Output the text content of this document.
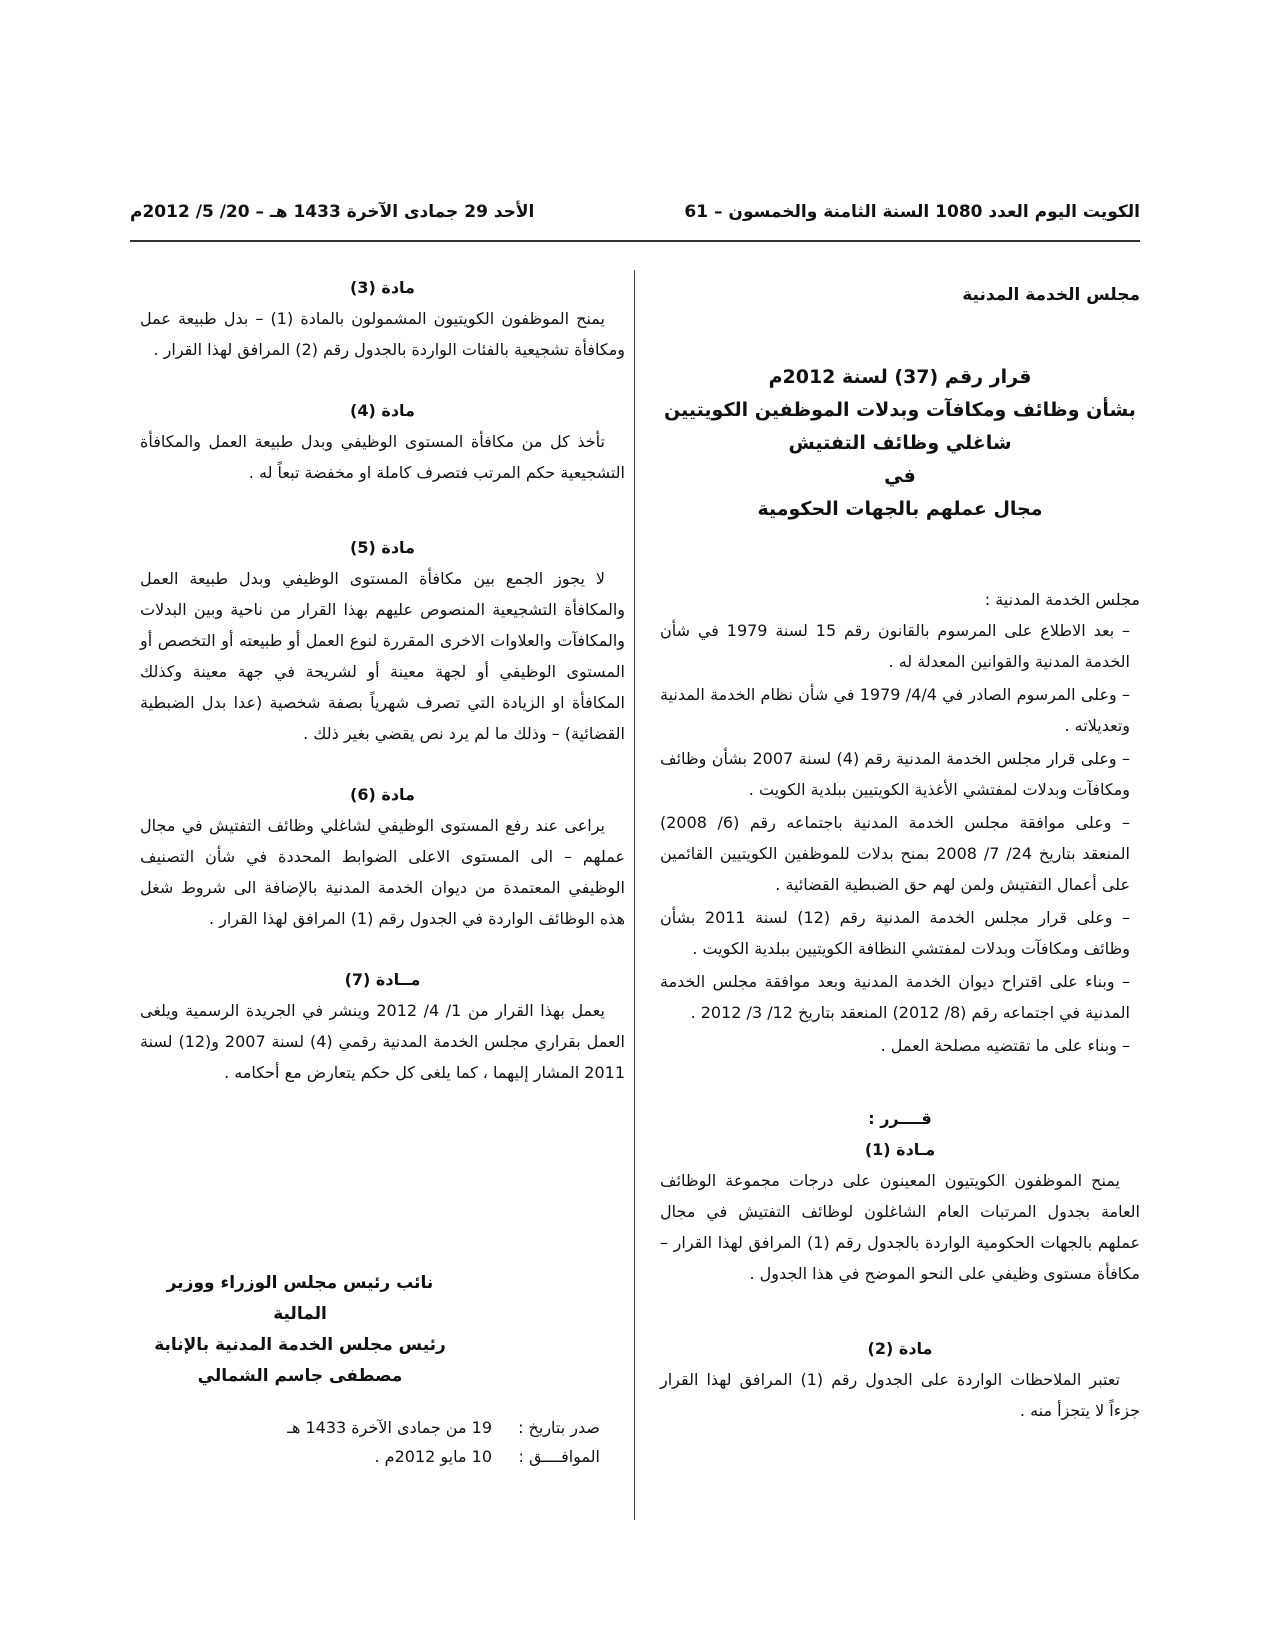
الكويت اليوم العدد 1080 السنة الثامنة والخمسون – 61
الأحد 29 جمادى الآخرة 1433 هـ – 20/ 5/ 2012م
مجلس الخدمة المدنية
قرار رقم (37) لسنة 2012م
بشأن وظائف ومكافآت وبدلات الموظفين الكويتيين
شاغلي وظائف التفتيش
في
مجال عملهم بالجهات الحكومية
مجلس الخدمة المدنية :

– بعد الاطلاع على المرسوم بالقانون رقم 15 لسنة 1979 في شأن الخدمة المدنية والقوانين المعدلة له .

– وعلى المرسوم الصادر في 4/4/ 1979 في شأن نظام الخدمة المدنية وتعديلاته .

– وعلى قرار مجلس الخدمة المدنية رقم (4) لسنة 2007 بشأن وظائف ومكافآت وبدلات لمفتشي الأغذية الكويتيين ببلدية الكويت .

– وعلى موافقة مجلس الخدمة المدنية باجتماعه رقم (6/ 2008) المنعقد بتاريخ 24/ 7/ 2008 بمنح بدلات للموظفين الكويتيين القائمين على أعمال التفتيش ولمن لهم حق الضبطية القضائية .

– وعلى قرار مجلس الخدمة المدنية رقم (12) لسنة 2011 بشأن وظائف ومكافآت وبدلات لمفتشي النظافة الكويتيين ببلدية الكويت .

– وبناء على اقتراح ديوان الخدمة المدنية وبعد موافقة مجلس الخدمة المدنية في اجتماعه رقم (8/ 2012) المنعقد بتاريخ 12/ 3/ 2012 .

– وبناء على ما تقتضيه مصلحة العمل .

قــــرر :
مـادة (1)

يمنح الموظفون الكويتيون المعينون على درجات مجموعة الوظائف العامة بجدول المرتبات العام الشاغلون لوظائف التفتيش في مجال عملهم بالجهات الحكومية الواردة بالجدول رقم (1) المرافق لهذا القرار – مكافأة مستوى وظيفي على النحو الموضح في هذا الجدول .

مادة (2)

تعتبر الملاحظات الواردة على الجدول رقم (1) المرافق لهذا القرار جزءاً لا يتجزأ منه .

مادة (3)

يمنح الموظفون الكويتيون المشمولون بالمادة (1) – بدل طبيعة عمل ومكافأة تشجيعية بالفئات الواردة بالجدول رقم (2) المرافق لهذا القرار .

مادة (4)

تأخذ كل من مكافأة المستوى الوظيفي وبدل طبيعة العمل والمكافأة التشجيعية حكم المرتب فتصرف كاملة او مخفضة تبعاً له .

مادة (5)

لا يجوز الجمع بين مكافأة المستوى الوظيفي وبدل طبيعة العمل والمكافأة التشجيعية المنصوص عليهم بهذا القرار من ناحية وبين البدلات والمكافآت والعلاوات الاخرى المقررة لنوع العمل أو طبيعته أو التخصص أو المستوى الوظيفي أو لجهة معينة أو لشريحة في جهة معينة وكذلك المكافأة او الزيادة التي تصرف شهرياً بصفة شخصية (عدا بدل الضبطية القضائية) – وذلك ما لم يرد نص يقضي بغير ذلك .

مادة (6)

يراعى عند رفع المستوى الوظيفي لشاغلي وظائف التفتيش في مجال عملهم – الى المستوى الاعلى الضوابط المحددة في شأن التصنيف الوظيفي المعتمدة من ديوان الخدمة المدنية بالإضافة الى شروط شغل هذه الوظائف الواردة في الجدول رقم (1) المرافق لهذا القرار .

مــادة (7)

يعمل بهذا القرار من 1/ 4/ 2012 وينشر في الجريدة الرسمية ويلغى العمل بقراري مجلس الخدمة المدنية رقمي (4) لسنة 2007 و(12) لسنة 2011 المشار إليهما ، كما يلغى كل حكم يتعارض مع أحكامه .

نائب رئيس مجلس الوزراء ووزير المالية
رئيس مجلس الخدمة المدنية بالإنابة
مصطفى جاسم الشمالي
صدر بتاريخ :
19 من جمادى الآخرة 1433 هـ
الموافــــق :
10 مايو 2012م .
